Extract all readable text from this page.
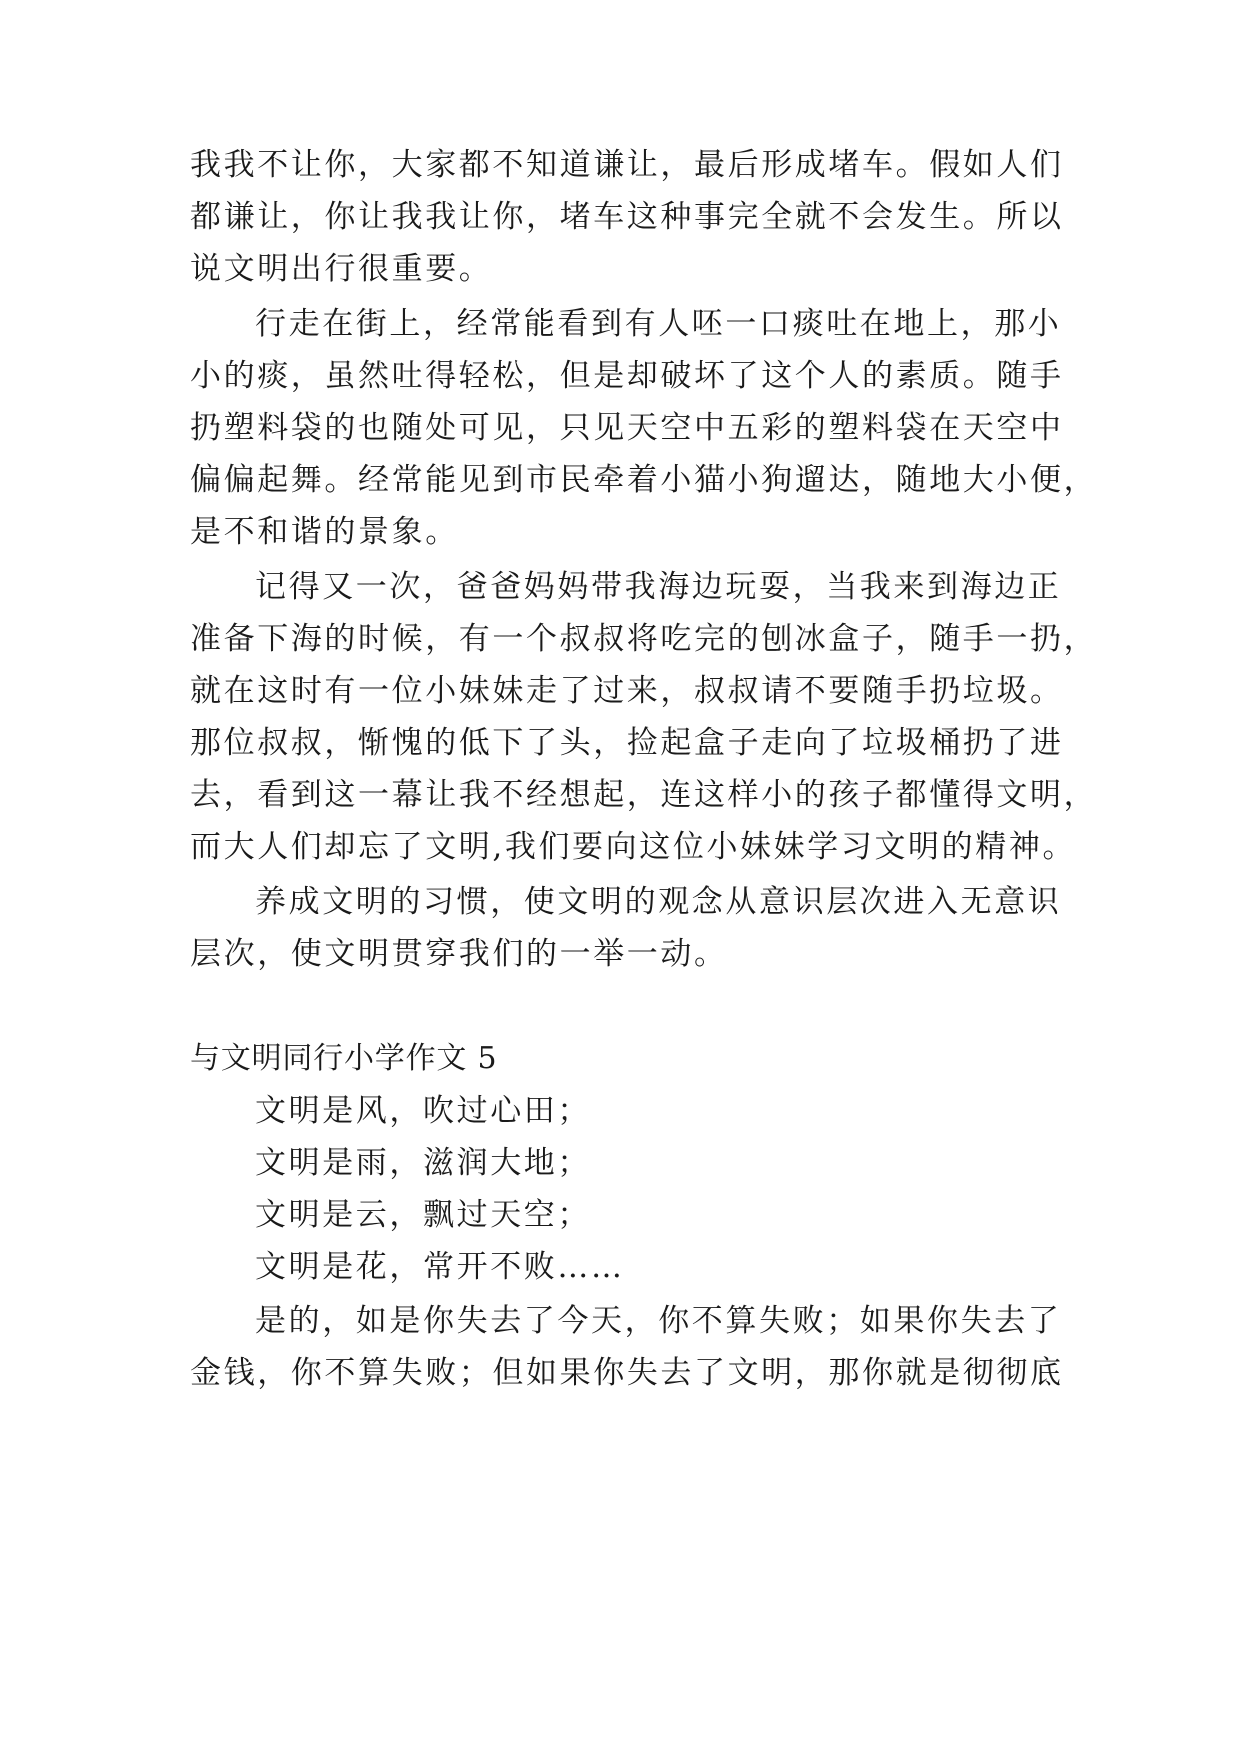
我我不让你，大家都不知道谦让，最后形成堵车。假如人们

都谦让，你让我我让你，堵车这种事完全就不会发生。所以

说文明出行很重要。

行走在街上，经常能看到有人呸一口痰吐在地上，那小

小的痰，虽然吐得轻松，但是却破坏了这个人的素质。随手

扔塑料袋的也随处可见，只见天空中五彩的塑料袋在天空中

偏偏起舞。经常能见到市民牵着小猫小狗遛达，随地大小便，

是不和谐的景象。

记得又一次，爸爸妈妈带我海边玩耍，当我来到海边正

准备下海的时候，有一个叔叔将吃完的刨冰盒子，随手一扔，

就在这时有一位小妹妹走了过来，叔叔请不要随手扔垃圾。

那位叔叔，惭愧的低下了头，捡起盒子走向了垃圾桶扔了进

去，看到这一幕让我不经想起，连这样小的孩子都懂得文明，

而大人们却忘了文明,我们要向这位小妹妹学习文明的精神。

养成文明的习惯，使文明的观念从意识层次进入无意识

层次，使文明贯穿我们的一举一动。

与文明同行小学作文 5

文明是风，吹过心田；

文明是雨，滋润大地；

文明是云，飘过天空；

文明是花，常开不败……

是的，如是你失去了今天，你不算失败；如果你失去了

金钱，你不算失败；但如果你失去了文明，那你就是彻彻底
